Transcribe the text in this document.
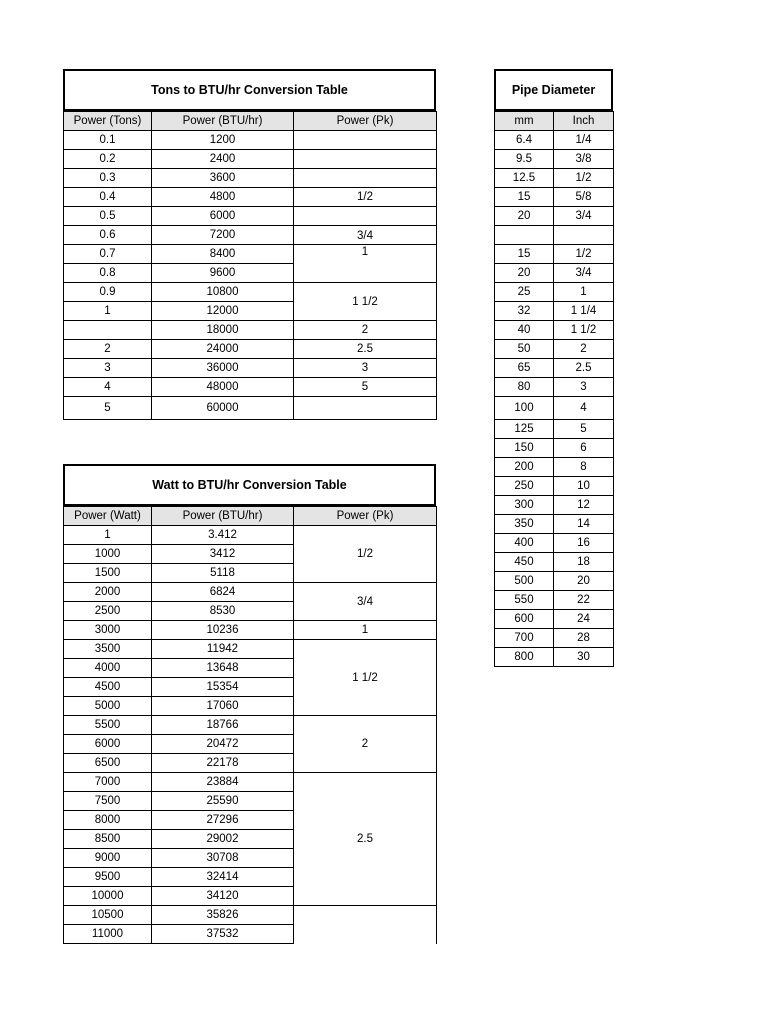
Tons to BTU/hr Conversion Table
Power (Tons)	Power (BTU/hr)	Power (Pk)
0.1	1200	
0.2	2400	
0.3	3600	
0.4	4800	1/2
0.5	6000	
0.6	7200	3/4
0.7	8400	1
0.8	9600	
0.9	10800	1 1/2
1	12000	
	18000	2
2	24000	2.5
3	36000	3
4	48000	5
5	60000	
Watt to BTU/hr Conversion Table
Power (Watt)	Power (BTU/hr)	Power (Pk)
1	3.412	1/2
1000	3412	
1500	5118	
2000	6824	3/4
2500	8530	
3000	10236	1
3500	11942	1 1/2
4000	13648	
4500	15354	
5000	17060	
5500	18766	2
6000	20472	
6500	22178	
7000	23884	2.5
7500	25590	
8000	27296	
8500	29002	
9000	30708	
9500	32414	
10000	34120	
10500	35826	
11000	37532	
Pipe Diameter
mm	Inch
6.4	1/4
9.5	3/8
12.5	1/2
15	5/8
20	3/4

15	1/2
20	3/4
25	1
32	1 1/4
40	1 1/2
50	2
65	2.5
80	3
100	4
125	5
150	6
200	8
250	10
300	12
350	14
400	16
450	18
500	20
550	22
600	24
700	28
800	30
